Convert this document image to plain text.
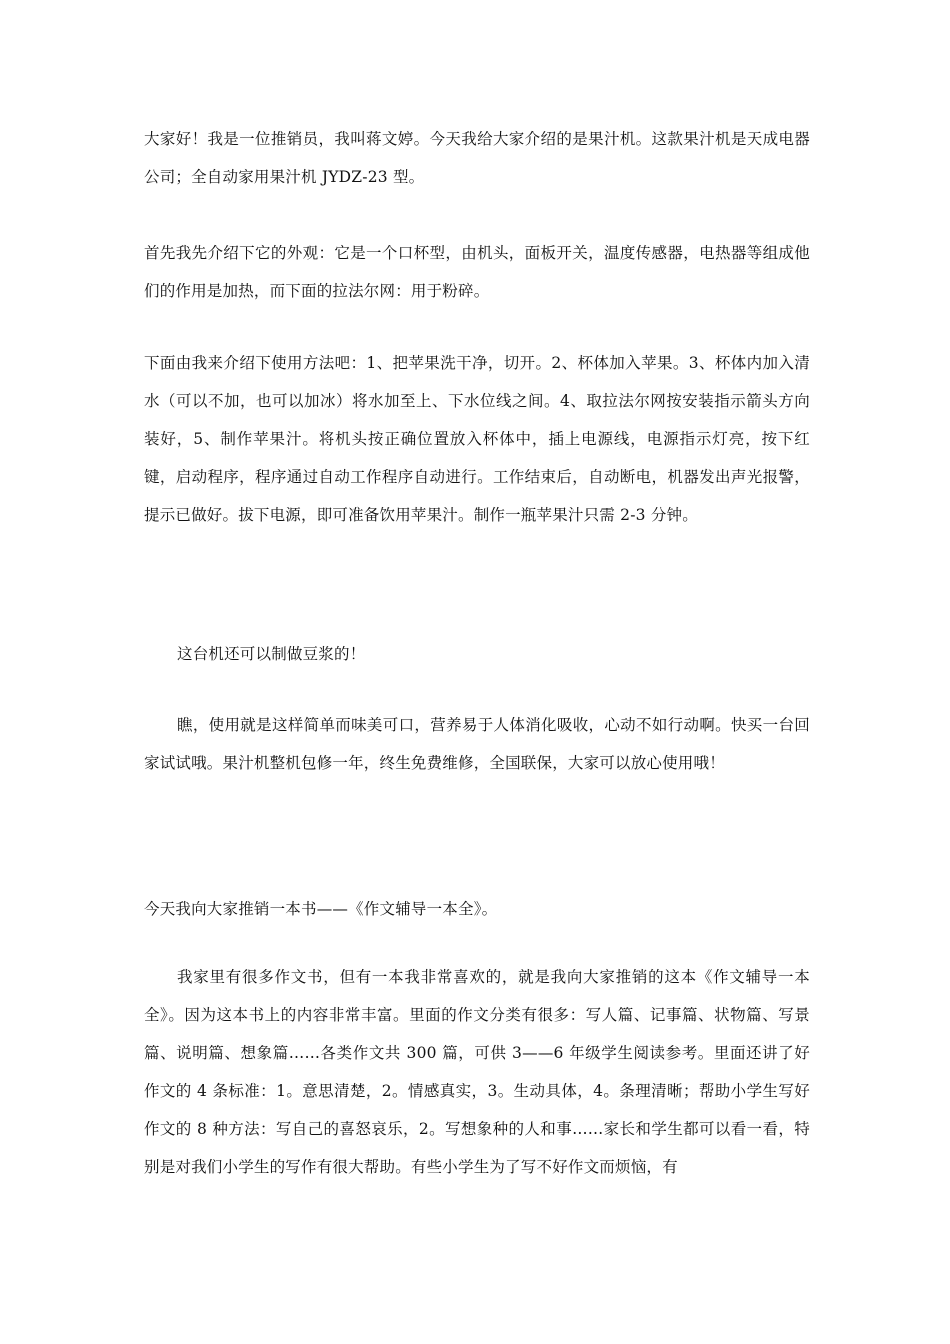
大家好！我是一位推销员，我叫蒋文婷。今天我给大家介绍的是果汁机。这款果汁机是天成电器公司；全自动家用果汁机 JYDZ-23 型。

首先我先介绍下它的外观：它是一个口杯型，由机头，面板开关，温度传感器，电热器等组成他们的作用是加热，而下面的拉法尔网：用于粉碎。

下面由我来介绍下使用方法吧：1、把苹果洗干净，切开。2、杯体加入苹果。3、杯体内加入清水（可以不加，也可以加冰）将水加至上、下水位线之间。4、取拉法尔网按安装指示箭头方向装好，5、制作苹果汁。将机头按正确位置放入杯体中，插上电源线，电源指示灯亮，按下红键，启动程序，程序通过自动工作程序自动进行。工作结束后，自动断电，机器发出声光报警，提示已做好。拔下电源，即可准备饮用苹果汁。制作一瓶苹果汁只需 2-3 分钟。

这台机还可以制做豆浆的！

瞧，使用就是这样简单而味美可口，营养易于人体消化吸收，心动不如行动啊。快买一台回家试试哦。果汁机整机包修一年，终生免费维修，全国联保，大家可以放心使用哦！

今天我向大家推销一本书——《作文辅导一本全》。

我家里有很多作文书，但有一本我非常喜欢的，就是我向大家推销的这本《作文辅导一本全》。因为这本书上的内容非常丰富。里面的作文分类有很多：写人篇、记事篇、状物篇、写景篇、说明篇、想象篇……各类作文共 300 篇，可供 3——6 年级学生阅读参考。里面还讲了好作文的 4 条标准：1。意思清楚，2。情感真实，3。生动具体，4。条理清晰；帮助小学生写好作文的 8 种方法：写自己的喜怒哀乐，2。写想象种的人和事……家长和学生都可以看一看，特别是对我们小学生的写作有很大帮助。有些小学生为了写不好作文而烦恼，有
